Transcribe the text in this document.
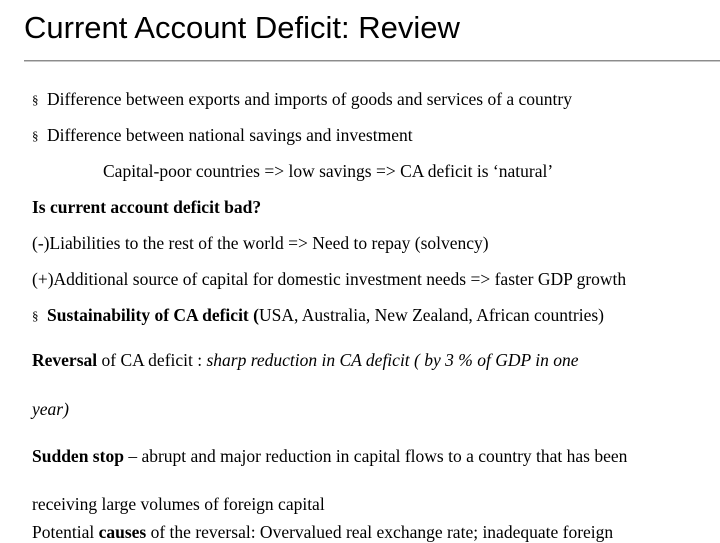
Current Account Deficit: Review
§ Difference between exports and imports of goods and services of a country
§ Difference between national savings and investment
Capital-poor countries => low savings => CA deficit is ‘natural’
Is current account deficit bad?
(-)Liabilities to the rest of the world => Need to repay (solvency)
(+)Additional source of capital for domestic investment needs => faster GDP growth
§ Sustainability of CA deficit (USA, Australia, New Zealand, African countries)
Reversal of CA deficit : sharp reduction in CA deficit ( by 3 % of GDP in one
year)
Sudden stop – abrupt and major reduction in capital flows to a country that has been
receiving large volumes of foreign capital
Potential causes of the reversal: Overvalued real exchange rate; inadequate foreign
